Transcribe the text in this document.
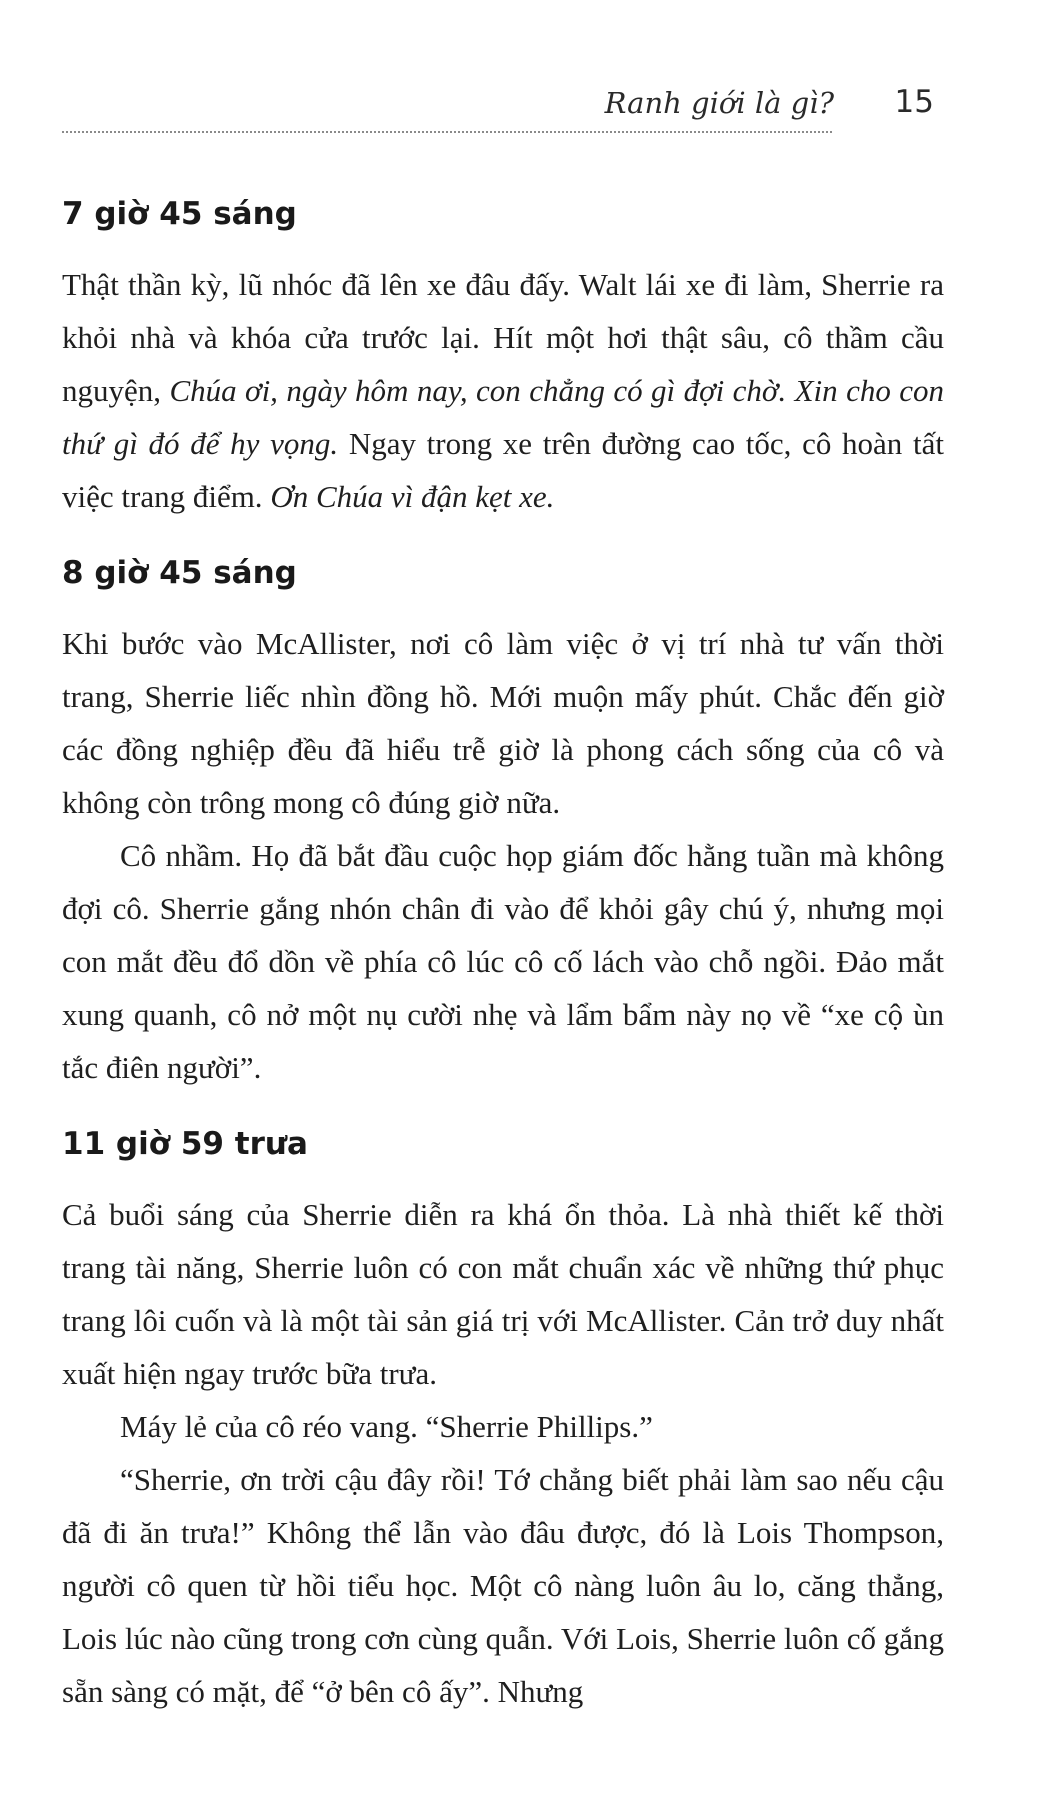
Ranh giới là gì? 15
7 giờ 45 sáng

Thật thần kỳ, lũ nhóc đã lên xe đâu đấy. Walt lái xe đi làm, Sherrie ra khỏi nhà và khóa cửa trước lại. Hít một hơi thật sâu, cô thầm cầu nguyện, Chúa ơi, ngày hôm nay, con chẳng có gì đợi chờ. Xin cho con thứ gì đó để hy vọng. Ngay trong xe trên đường cao tốc, cô hoàn tất việc trang điểm. Ơn Chúa vì đận kẹt xe.

8 giờ 45 sáng

Khi bước vào McAllister, nơi cô làm việc ở vị trí nhà tư vấn thời trang, Sherrie liếc nhìn đồng hồ. Mới muộn mấy phút. Chắc đến giờ các đồng nghiệp đều đã hiểu trễ giờ là phong cách sống của cô và không còn trông mong cô đúng giờ nữa.

Cô nhầm. Họ đã bắt đầu cuộc họp giám đốc hằng tuần mà không đợi cô. Sherrie gắng nhón chân đi vào để khỏi gây chú ý, nhưng mọi con mắt đều đổ dồn về phía cô lúc cô cố lách vào chỗ ngồi. Đảo mắt xung quanh, cô nở một nụ cười nhẹ và lẩm bẩm này nọ về “xe cộ ùn tắc điên người”.

11 giờ 59 trưa

Cả buổi sáng của Sherrie diễn ra khá ổn thỏa. Là nhà thiết kế thời trang tài năng, Sherrie luôn có con mắt chuẩn xác về những thứ phục trang lôi cuốn và là một tài sản giá trị với McAllister. Cản trở duy nhất xuất hiện ngay trước bữa trưa.

Máy lẻ của cô réo vang. “Sherrie Phillips.”

“Sherrie, ơn trời cậu đây rồi! Tớ chẳng biết phải làm sao nếu cậu đã đi ăn trưa!” Không thể lẫn vào đâu được, đó là Lois Thompson, người cô quen từ hồi tiểu học. Một cô nàng luôn âu lo, căng thẳng, Lois lúc nào cũng trong cơn cùng quẫn. Với Lois, Sherrie luôn cố gắng sẵn sàng có mặt, để “ở bên cô ấy”. Nhưng
